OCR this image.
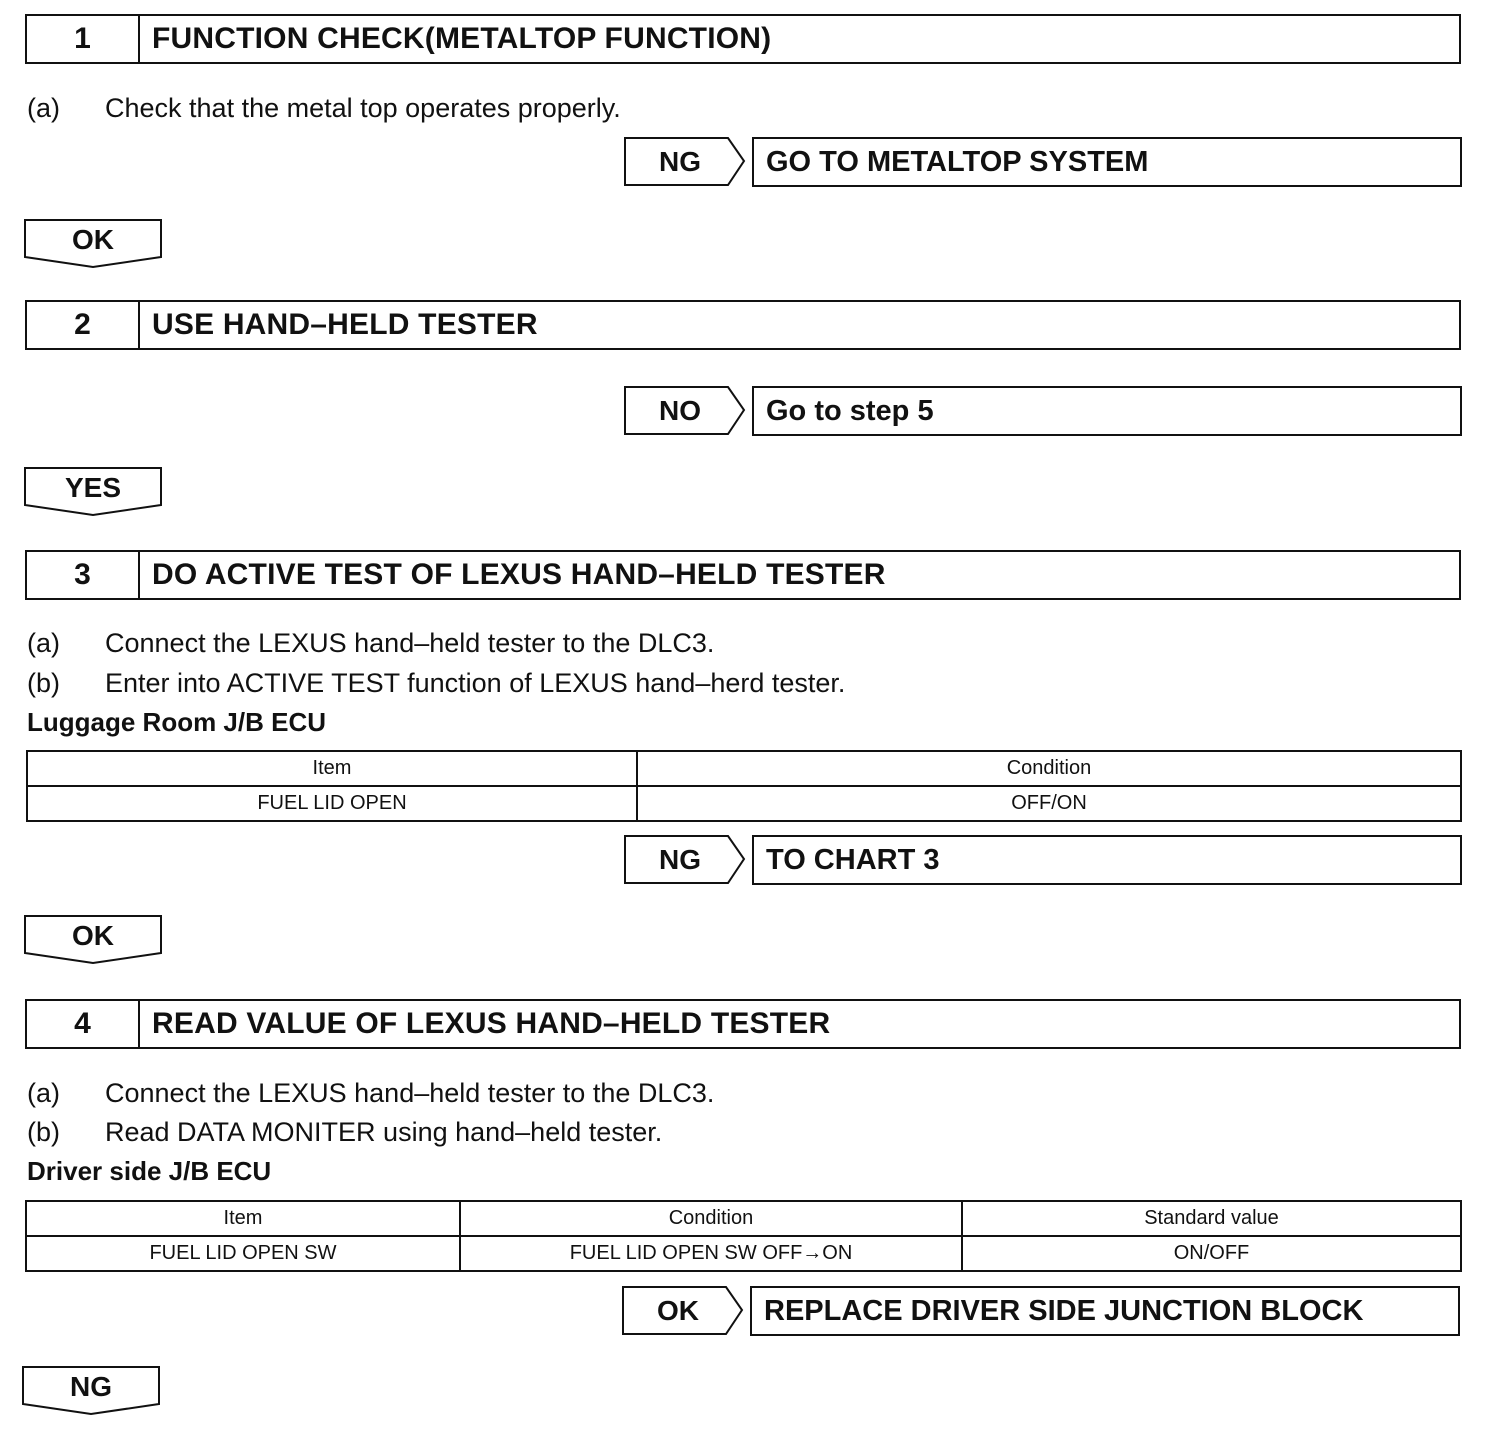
1	FUNCTION CHECK(METALTOP FUNCTION)
(a)	Check that the metal top operates properly.
NG	GO TO METALTOP SYSTEM
OK
2	USE HAND–HELD TESTER
NO	Go to step 5
YES
3	DO ACTIVE TEST OF LEXUS HAND–HELD TESTER
(a)	Connect the LEXUS hand–held tester to the DLC3.
(b)	Enter into ACTIVE TEST function of LEXUS hand–herd tester.
Luggage Room J/B ECU
Item	Condition
FUEL LID OPEN	OFF/ON
NG	TO CHART 3
OK
4	READ VALUE OF LEXUS HAND–HELD TESTER
(a)	Connect the LEXUS hand–held tester to the DLC3.
(b)	Read DATA MONITER using hand–held tester.
Driver side J/B ECU
Item	Condition	Standard value
FUEL LID OPEN SW	FUEL LID OPEN SW OFF→ON	ON/OFF
OK	REPLACE DRIVER SIDE JUNCTION BLOCK
NG
